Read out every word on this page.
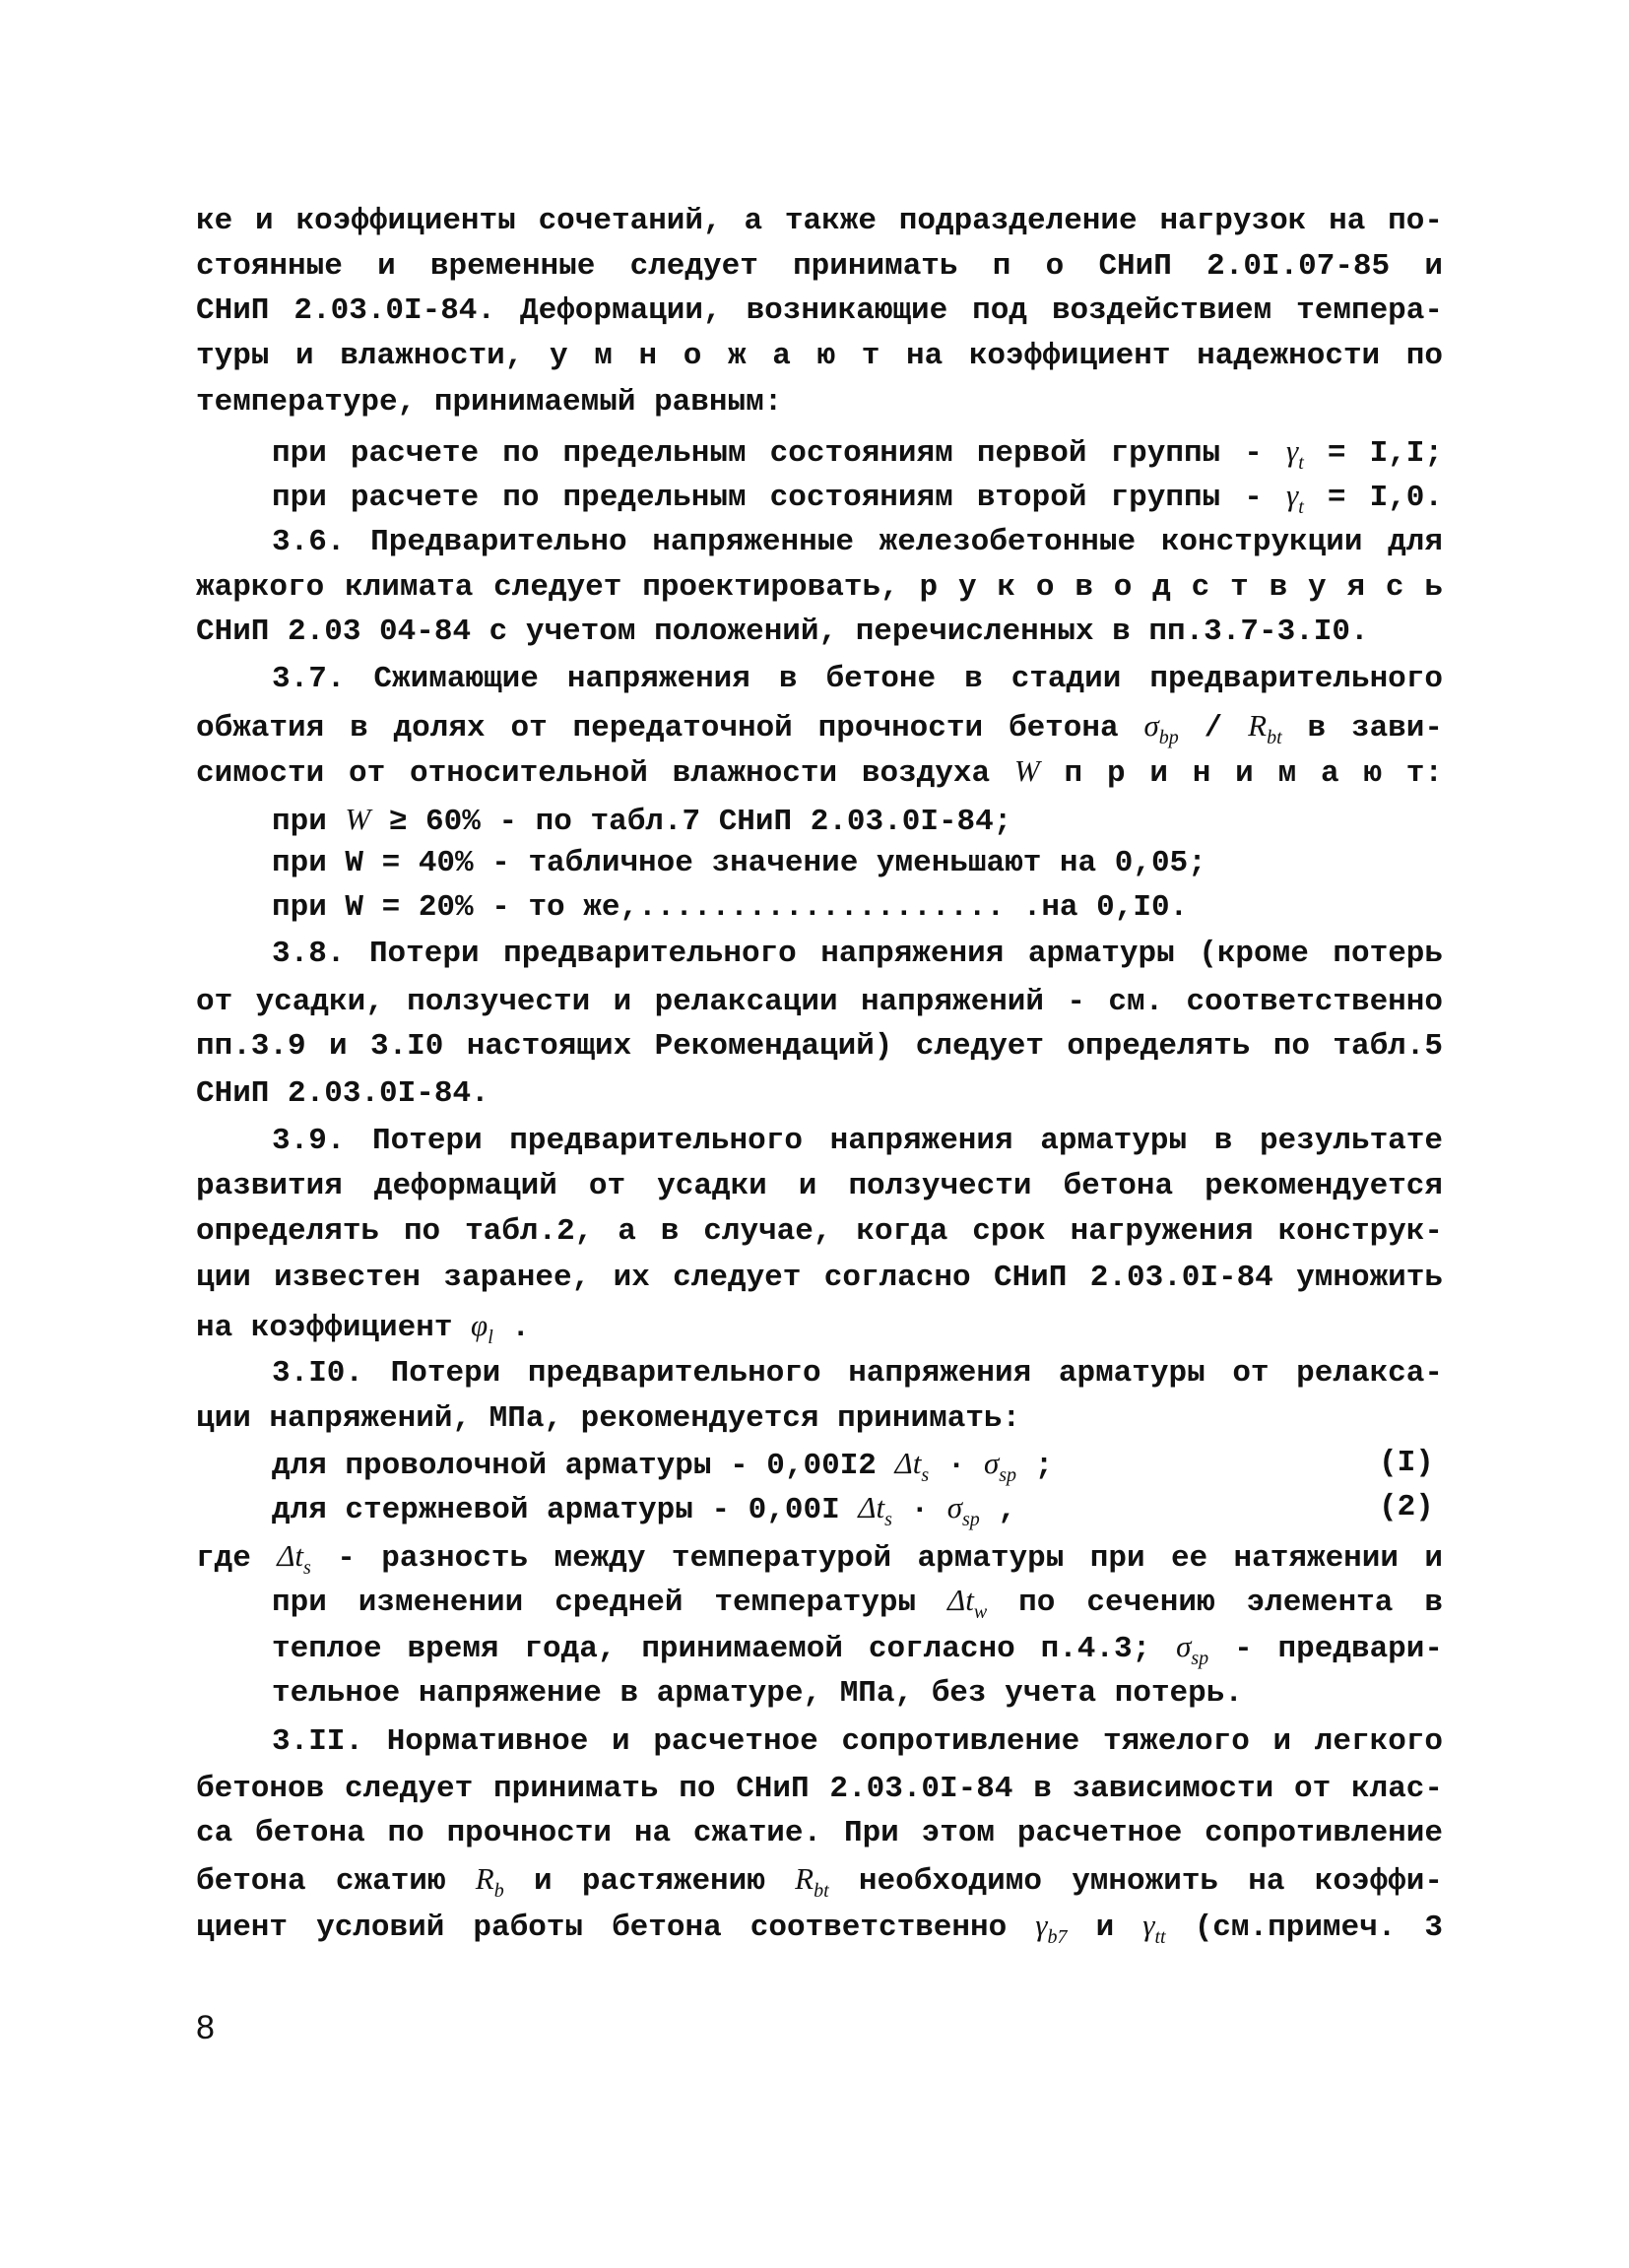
ке и коэффициенты сочетаний, а также подразделение нагрузок на по-
стоянные и временные следует принимать п о СНиП 2.0I.07-85 и
СНиП 2.03.0I-84. Деформации, возникающие под воздействием темпера-
туры и влажности, у м н о ж а ю т на коэффициент надежности по
температуре, принимаемый равным:
при расчете по предельным состояниям первой группы - $\gamma_t = I,I$;
при расчете по предельным состояниям второй группы - $\gamma_t = I,0$.
3.6. Предварительно напряженные железобетонные конструкции для
жаркого климата следует проектировать, р у к о в о д с т в у я с ь
СНиП 2.03 04-84 с учетом положений, перечисленных в пп.3.7-3.I0.
3.7. Сжимающие напряжения в бетоне в стадии предварительного
обжатия в долях от передаточной прочности бетона $\sigma_{bp} / R_{bt}$ в зави-
симости от относительной влажности воздуха W п р и н и м а ю т:
при W ≥ 60% - по табл.7 СНиП 2.03.0I-84;
при W = 40% - табличное значение уменьшают на 0,05;
при W = 20% - то же,.................... .на 0,I0.
3.8. Потери предварительного напряжения арматуры (кроме потерь
от усадки, ползучести и релаксации напряжений - см. соответственно
пп.3.9 и 3.I0 настоящих Рекомендаций) следует определять по табл.5
СНиП 2.03.0I-84.
3.9. Потери предварительного напряжения арматуры в результате
развития деформаций от усадки и ползучести бетона рекомендуется
определять по табл.2, а в случае, когда срок нагружения конструк-
ции известен заранее, их следует согласно СНиП 2.03.0I-84 умножить
на коэффициент $\varphi_l$ .
3.I0. Потери предварительного напряжения арматуры от релакса-
ции напряжений, МПа, рекомендуется принимать:
для проволочной арматуры - 0,00I2 $\Delta t_s \cdot \sigma_{sp}$ ;	(I)
для стержневой арматуры - 0,00I $\Delta t_s \cdot \sigma_{sp}$ ,	(2)
где $\Delta t_s$ - разность между температурой арматуры при ее натяжении и
при изменении средней температуры $\Delta t_w$ по сечению элемента в
теплое время года, принимаемой согласно п.4.3; $\sigma_{sp}$ - предвари-
тельное напряжение в арматуре, МПа, без учета потерь.
3.II. Нормативное и расчетное сопротивление тяжелого и легкого
бетонов следует принимать по СНиП 2.03.0I-84 в зависимости от клас-
са бетона по прочности на сжатие. При этом расчетное сопротивление
бетона сжатию $R_b$ и растяжению $R_{bt}$ необходимо умножить на коэффи-
циент условий работы бетона соответственно $\gamma_{b7}$ и $\gamma_{tt}$ (см.примеч. 3
8
